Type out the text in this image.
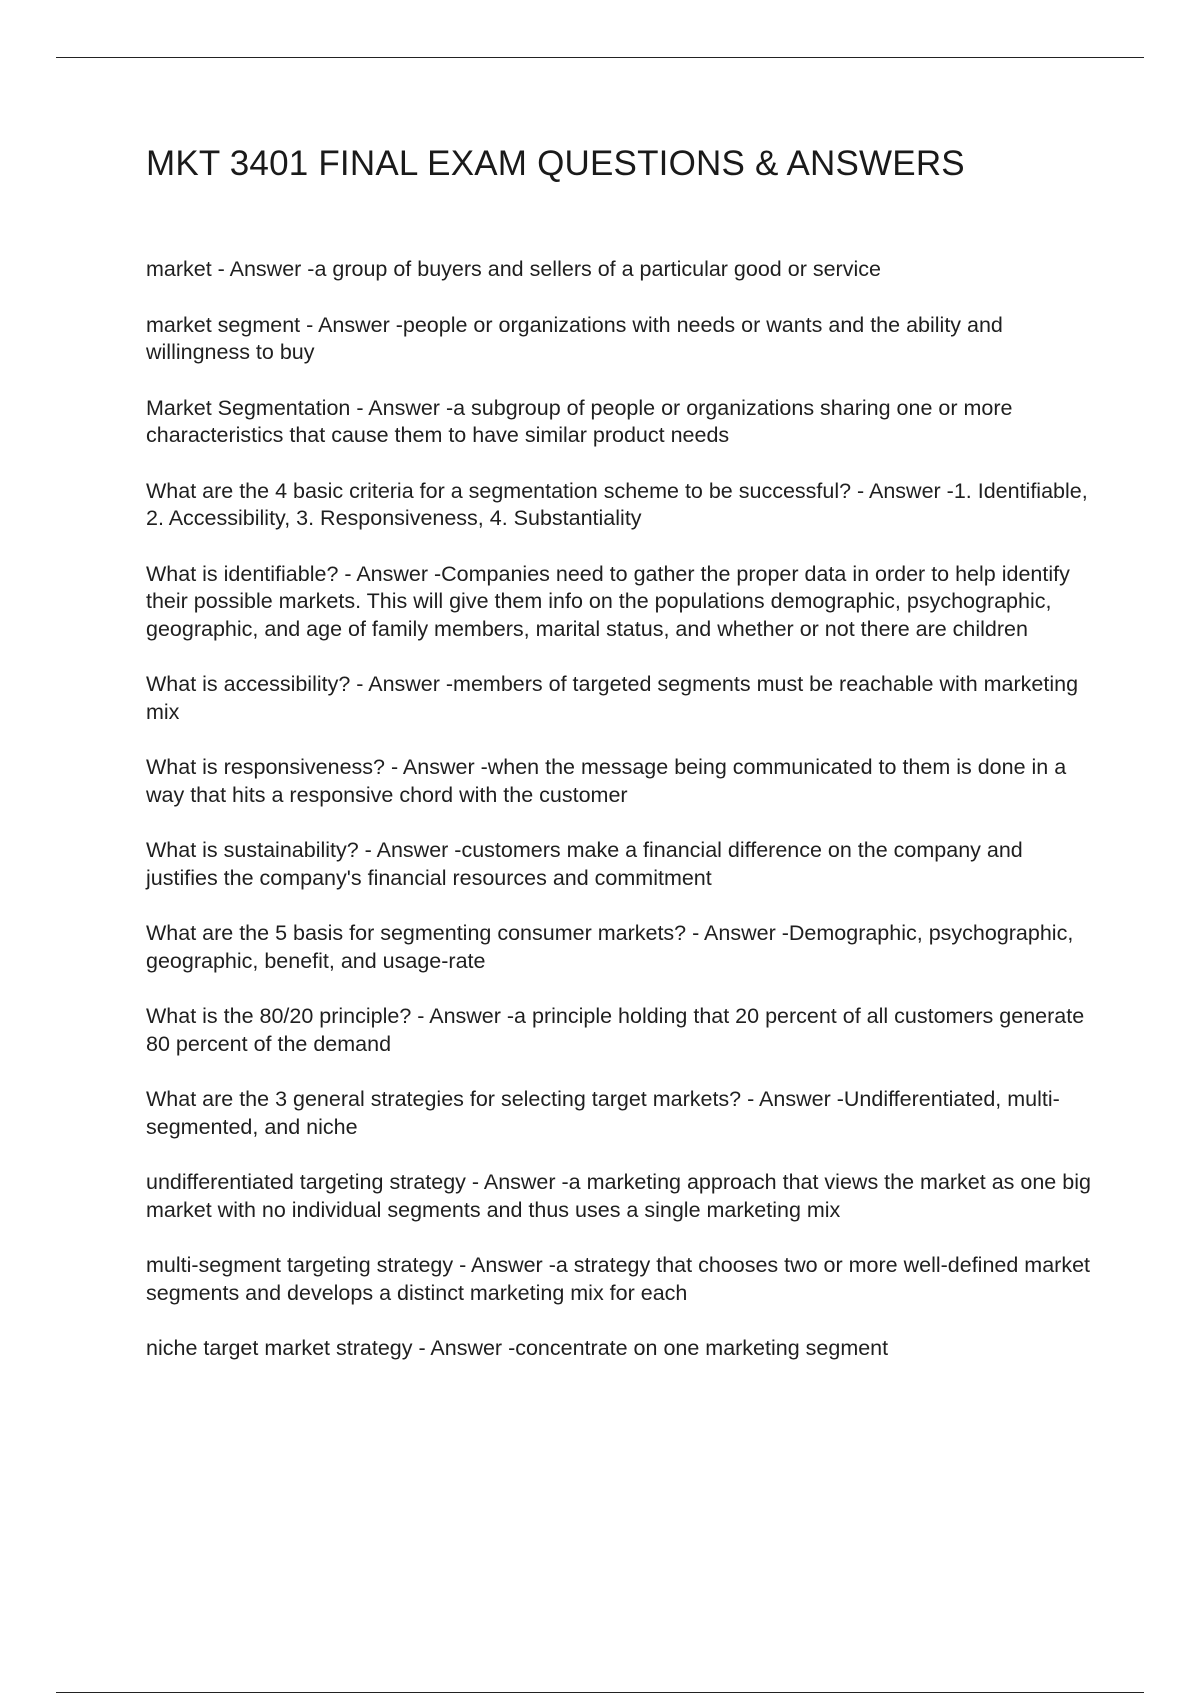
MKT 3401 FINAL EXAM QUESTIONS & ANSWERS
market - Answer -a group of buyers and sellers of a particular good or service
market segment - Answer -people or organizations with needs or wants and the ability and willingness to buy
Market Segmentation - Answer -a subgroup of people or organizations sharing one or more characteristics that cause them to have similar product needs
What are the 4 basic criteria for a segmentation scheme to be successful? - Answer -1. Identifiable, 2. Accessibility, 3. Responsiveness, 4. Substantiality
What is identifiable? - Answer -Companies need to gather the proper data in order to help identify their possible markets. This will give them info on the populations demographic, psychographic, geographic, and age of family members, marital status, and whether or not there are children
What is accessibility? - Answer -members of targeted segments must be reachable with marketing mix
What is responsiveness? - Answer -when the message being communicated to them is done in a way that hits a responsive chord with the customer
What is sustainability? - Answer -customers make a financial difference on the company and justifies the company's financial resources and commitment
What are the 5 basis for segmenting consumer markets? - Answer -Demographic, psychographic, geographic, benefit, and usage-rate
What is the 80/20 principle? - Answer -a principle holding that 20 percent of all customers generate 80 percent of the demand
What are the 3 general strategies for selecting target markets? - Answer -Undifferentiated, multi-segmented, and niche
undifferentiated targeting strategy - Answer -a marketing approach that views the market as one big market with no individual segments and thus uses a single marketing mix
multi-segment targeting strategy - Answer -a strategy that chooses two or more well-defined market segments and develops a distinct marketing mix for each
niche target market strategy - Answer -concentrate on one marketing segment
